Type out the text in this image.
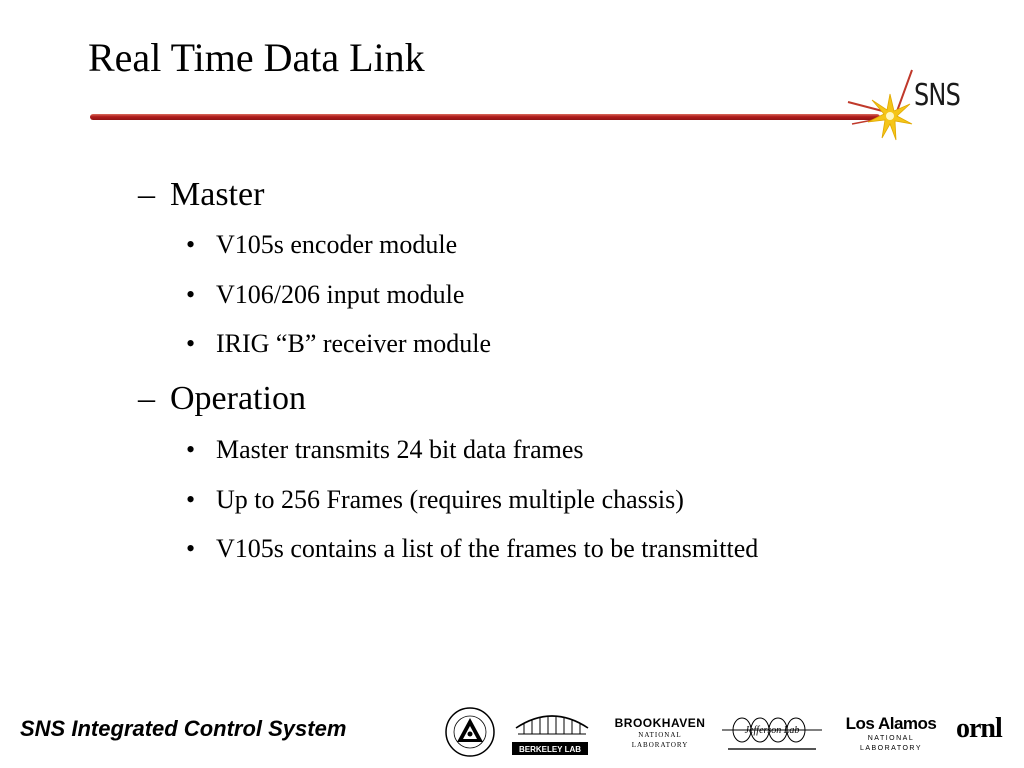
Real Time Data Link
SNS
– Master
• V105s encoder module
• V106/206 input module
• IRIG “B” receiver module
– Operation
• Master transmits 24 bit data frames
• Up to 256 Frames (requires multiple chassis)
• V105s contains a list of the frames to be transmitted
SNS Integrated Control System
BERKELEY LAB
BROOKHAVEN
NATIONAL LABORATORY
Jefferson Lab	Los Alamos
NATIONAL LABORATORY
ornl
